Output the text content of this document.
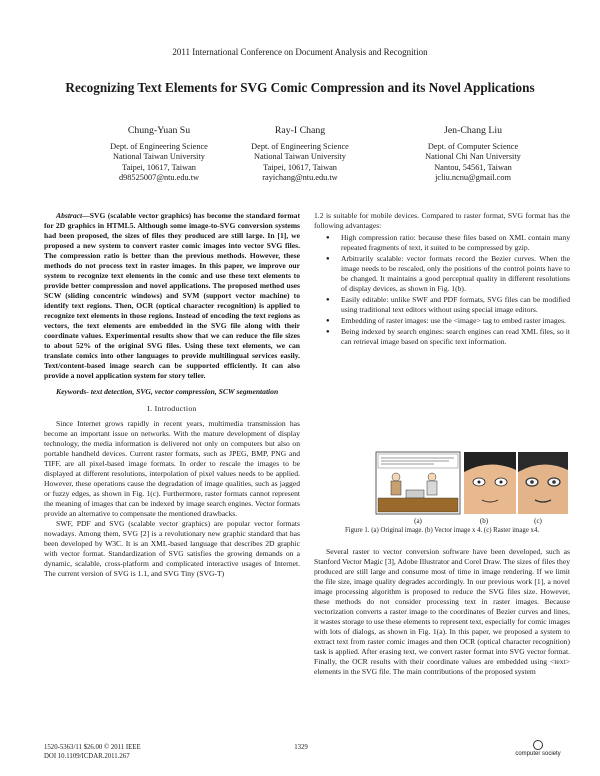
2011 International Conference on Document Analysis and Recognition
Recognizing Text Elements for SVG Comic Compression and its Novel Applications
Chung-Yuan Su
Dept. of Engineering Science
National Taiwan University
Taipei, 10617, Taiwan
d98525007@ntu.edu.tw
Ray-I Chang
Dept. of Engineering Science
National Taiwan University
Taipei, 10617, Taiwan
rayichang@ntu.edu.tw
Jen-Chang Liu
Dept. of Computer Science
National Chi Nan University
Nantou, 54561, Taiwan
jcliu.ncnu@gmail.com

Abstract—SVG (scalable vector graphics) has become the standard format for 2D graphics in HTML5. Although some image-to-SVG conversion systems had been proposed, the sizes of files they produced are still large. In [1], we proposed a new system to convert raster comic images into vector SVG files. The compression ratio is better than the previous methods. However, these methods do not process text in raster images. In this paper, we improve our system to recognize text elements in the comic and use these text elements to provide better compression and novel applications. The proposed method uses SCW (sliding concentric windows) and SVM (support vector machine) to identify text regions. Then, OCR (optical character recognition) is applied to recognize text elements in those regions. Instead of encoding the text regions as vectors, the text elements are embedded in the SVG file along with their coordinate values. Experimental results show that we can reduce the file sizes to about 52% of the original SVG files. Using these text elements, we can translate comics into other languages to provide multilingual services easily. Text/content-based image search can be supported efficiently. It can also provide a novel application system for story teller.

Keywords- text detection, SVG, vector compression, SCW segmentation

I. Introduction

Since Internet grows rapidly in recent years, multimedia transmission has become an important issue on networks. With the mature development of display technology, the media information is delivered not only on computers but also on portable handheld devices. Current raster formats, such as JPEG, BMP, PNG and TIFF, are all pixel-based image formats. In order to rescale the images to be displayed at different resolutions, interpolation of pixel values needs to be applied. However, these operations cause the degradation of image qualities, such as jagged or fuzzy edges, as shown in Fig. 1(c). Furthermore, raster formats cannot represent the meaning of images that can be indexed by image search engines. Vector formats provide an alternative to compensate the mentioned drawbacks.

SWF, PDF and SVG (scalable vector graphics) are popular vector formats nowadays. Among them, SVG [2] is a revolutionary new graphic standard that has been developed by W3C. It is an XML-based language that describes 2D graphic with vector format. Standardization of SVG satisfies the growing demands on a dynamic, scalable, cross-platform and complicated interactive usages of Internet. The current version of SVG is 1.1, and SVG Tiny (SVG-T)

1.2 is suitable for mobile devices. Compared to raster format, SVG format has the following advantages:

● High compression ratio: because these files based on XML contain many repeated fragments of text, it suited to be compressed by gzip.
● Arbitrarily scalable: vector formats record the Bezier curves. When the image needs to be rescaled, only the positions of the control points have to be changed. It maintains a good perceptual quality in different resolutions of display devices, as shown in Fig. 1(b).
● Easily editable: unlike SWF and PDF formats, SVG files can be modified using traditional text editors without using special image editors.
● Embedding of raster images: use the <image> tag to embed raster images.
● Being indexed by search engines: search engines can read XML files, so it can retrieval image based on specific text information.
(a)	(b)	(c)
Figure 1. (a) Original image. (b) Vector image x 4. (c) Raster image x4.

Several raster to vector conversion software have been developed, such as Stanford Vector Magic [3], Adobe Illustrator and Corel Draw. The sizes of files they produced are still large and consume most of time in image rendering. If we limit the file size, image quality degrades accordingly. In our previous work [1], a novel image processing algorithm is proposed to reduce the SVG files size. However, these methods do not consider processing text in raster images. Because vectorization converts a raster image to the coordinates of Bezier curves and lines, it wastes storage to use these elements to represent text, especially for comic images with lots of dialogs, as shown in Fig. 1(a). In this paper, we proposed a system to extract text from raster comic images and then OCR (optical character recognition) task is applied. After erasing text, we convert raster format into SVG vector format. Finally, the OCR results with their coordinate values are embedded using <text> elements in the SVG file. The main contributions of the proposed system

1520-5363/11 $26.00 © 2011 IEEE
DOI 10.1109/ICDAR.2011.267
1329
computer society
